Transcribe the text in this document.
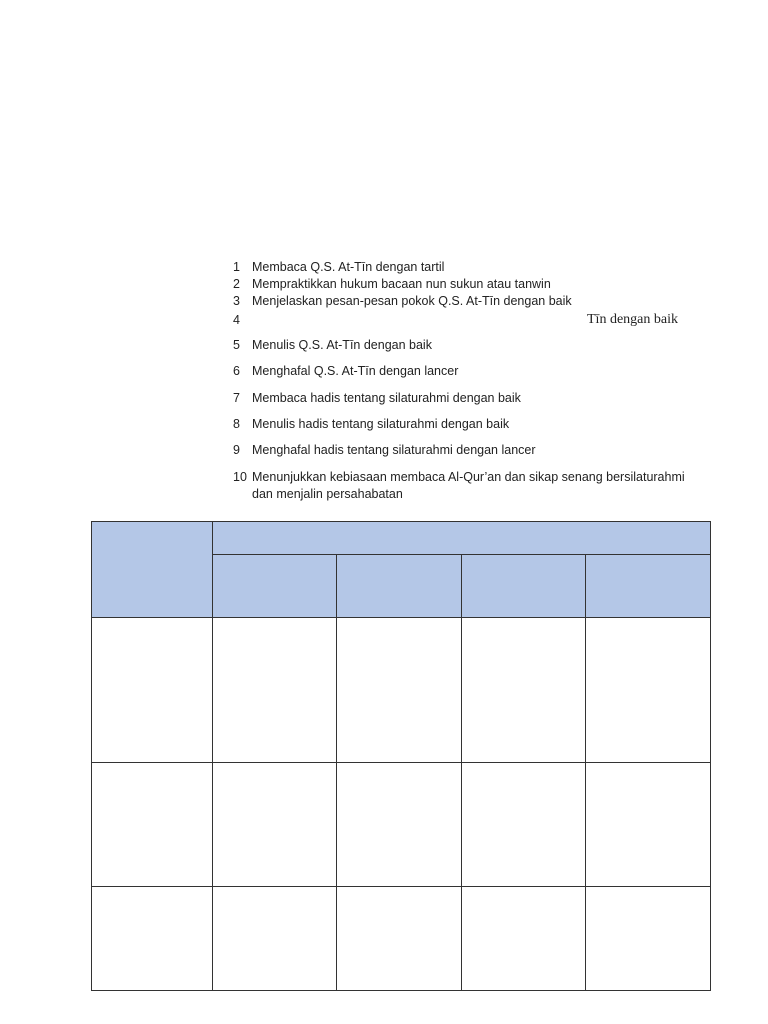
1 Membaca Q.S. At-Tīn dengan tartil
2 Mempraktikkan hukum bacaan nun sukun atau tanwin
3 Menjelaskan pesan-pesan pokok Q.S. At-Tīn dengan baik
4
5 Menulis Q.S. At-Tīn dengan baik
6 Menghafal Q.S. At-Tīn dengan lancer
7 Membaca hadis tentang silaturahmi dengan baik
8 Menulis hadis tentang silaturahmi dengan baik
9 Menghafal hadis tentang silaturahmi dengan lancer
10 Menunjukkan kebiasaan membaca Al-Qur’an dan sikap senang bersilaturahmi
dan menjalin persahabatan
Tīn dengan baik
